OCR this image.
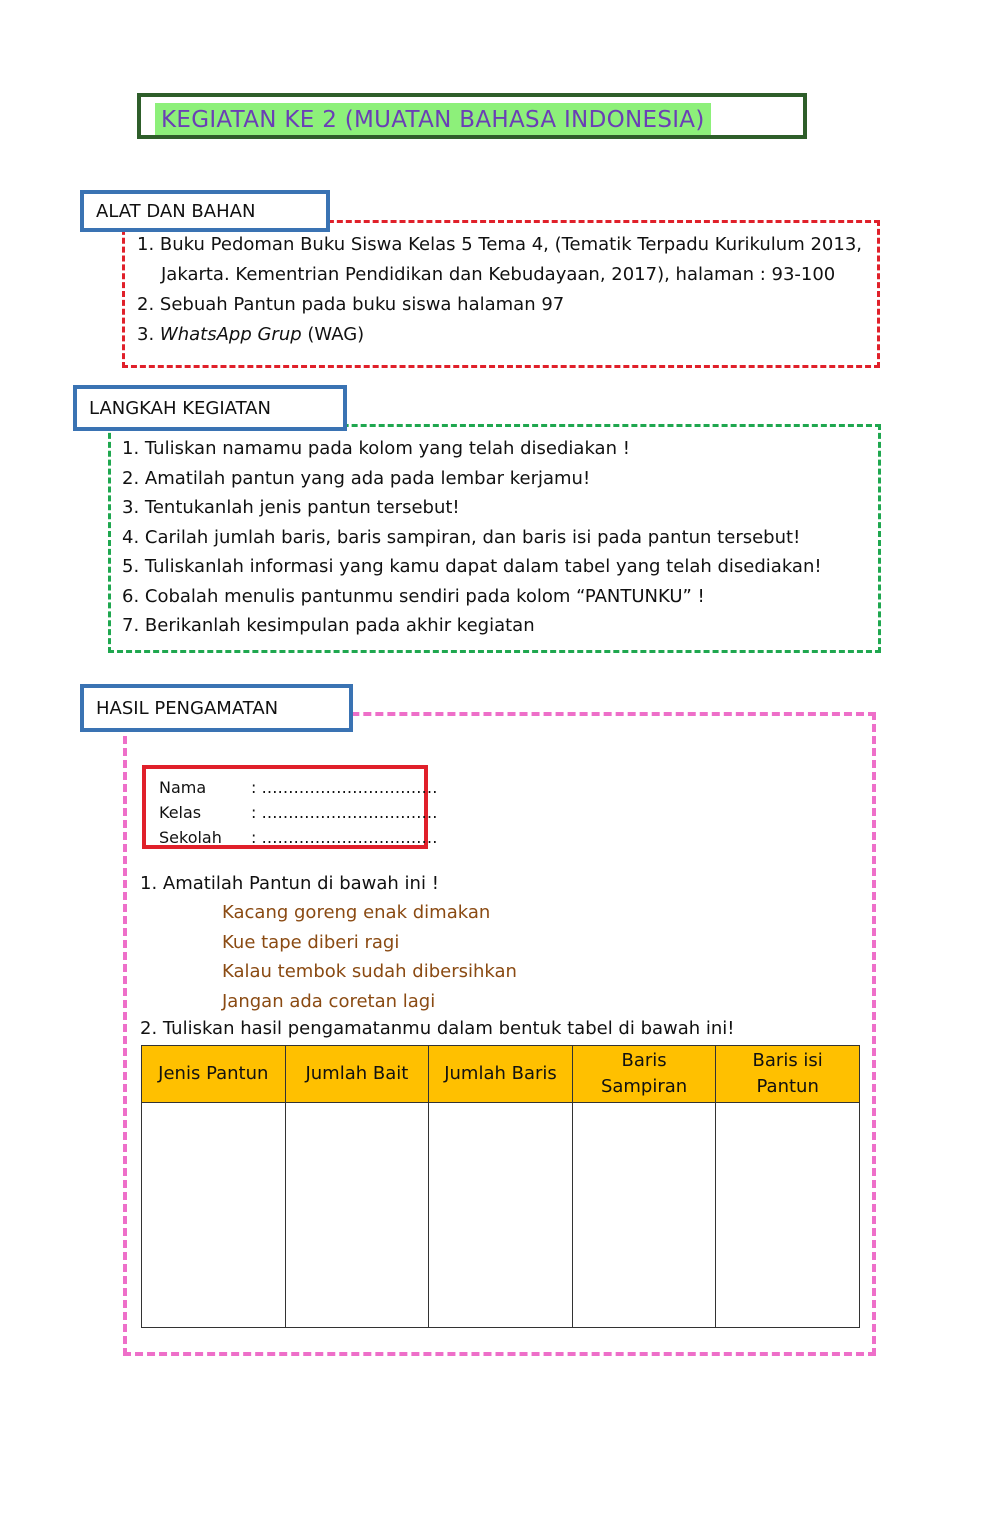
KEGIATAN KE 2 (MUATAN BAHASA INDONESIA)
ALAT DAN BAHAN
1. Buku Pedoman Buku Siswa Kelas 5 Tema 4, (Tematik Terpadu Kurikulum 2013, Jakarta. Kementrian Pendidikan dan Kebudayaan, 2017), halaman : 93-100
2. Sebuah Pantun pada buku siswa halaman 97
3. WhatsApp Grup (WAG)
LANGKAH KEGIATAN
1. Tuliskan namamu pada kolom yang telah disediakan !
2. Amatilah pantun yang ada pada lembar kerjamu!
3. Tentukanlah jenis pantun tersebut!
4. Carilah jumlah baris, baris sampiran, dan baris isi pada pantun tersebut!
5. Tuliskanlah informasi yang kamu dapat dalam tabel yang telah disediakan!
6. Cobalah menulis pantunmu sendiri pada kolom “PANTUNKU” !
7. Berikanlah kesimpulan pada akhir kegiatan
HASIL PENGAMATAN
Nama	: ……………………………
Kelas	: ……………………………
Sekolah : ……………………………
1. Amatilah Pantun di bawah ini !
Kacang goreng enak dimakan
Kue tape diberi ragi
Kalau tembok sudah dibersihkan
Jangan ada coretan lagi
2. Tuliskan hasil pengamatanmu dalam bentuk tabel di bawah ini!
Jenis Pantun	Jumlah Bait	Jumlah Baris	Baris Sampiran	Baris isi Pantun
